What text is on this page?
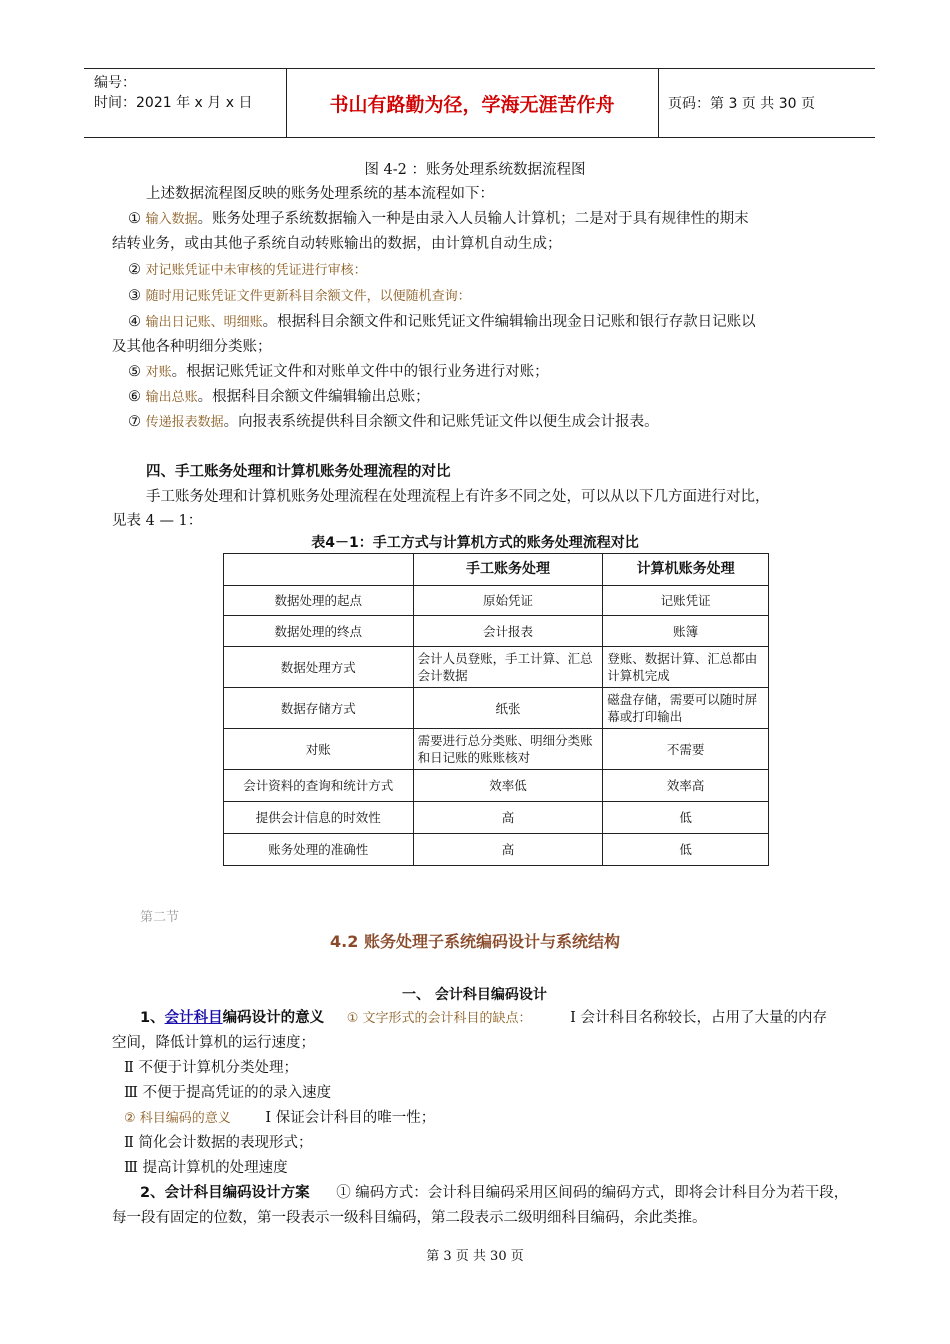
编号：
时间：2021 年 x 月 x 日	书山有路勤为径，学海无涯苦作舟	页码：第 3 页 共 30 页
图 4-2 ：账务处理系统数据流程图
上述数据流程图反映的账务处理系统的基本流程如下：
① 输入数据。账务处理子系统数据输入一种是由录入人员输人计算机；二是对于具有规律性的期末
结转业务，或由其他子系统自动转账输出的数据，由计算机自动生成；
② 对记账凭证中未审核的凭证进行审核：
③ 随时用记账凭证文件更新科目余额文件，以便随机查询：
④ 输出日记账、明细账。根据科目余额文件和记账凭证文件编辑输出现金日记账和银行存款日记账以
及其他各种明细分类账；
⑤ 对账。根据记账凭证文件和对账单文件中的银行业务进行对账；
⑥ 输出总账。根据科目余额文件编辑输出总账；
⑦ 传递报表数据。向报表系统提供科目余额文件和记账凭证文件以便生成会计报表。
四、手工账务处理和计算机账务处理流程的对比
手工账务处理和计算机账务处理流程在处理流程上有许多不同之处，可以从以下几方面进行对比，
见表 4 — 1：
表4－1：手工方式与计算机方式的账务处理流程对比
	手工账务处理	计算机账务处理
数据处理的起点	原始凭证	记账凭证
数据处理的终点	会计报表	账簿
数据处理方式	会计人员登账，手工计算、汇总会计数据	登账、数据计算、汇总都由计算机完成
数据存储方式	纸张	磁盘存储，需要可以随时屏幕或打印输出
对账	需要进行总分类账、明细分类账和日记账的账账核对	不需要
会计资料的查询和统计方式	效率低	效率高
提供会计信息的时效性	高	低
账务处理的准确性	高	低
第二节
4.2 账务处理子系统编码设计与系统结构
一、 会计科目编码设计
1、会计科目编码设计的意义 ① 文字形式的会计科目的缺点：	Ⅰ 会计科目名称较长，占用了大量的内存
空间，降低计算机的运行速度；
Ⅱ 不便于计算机分类处理；
Ⅲ 不便于提高凭证的的录入速度
② 科目编码的意义 Ⅰ 保证会计科目的唯一性；
Ⅱ 简化会计数据的表现形式；
Ⅲ 提高计算机的处理速度
2、会计科目编码设计方案 ① 编码方式：会计科目编码采用区间码的编码方式，即将会计科目分为若干段，
每一段有固定的位数，第一段表示一级科目编码，第二段表示二级明细科目编码，余此类推。
第 3 页 共 30 页
